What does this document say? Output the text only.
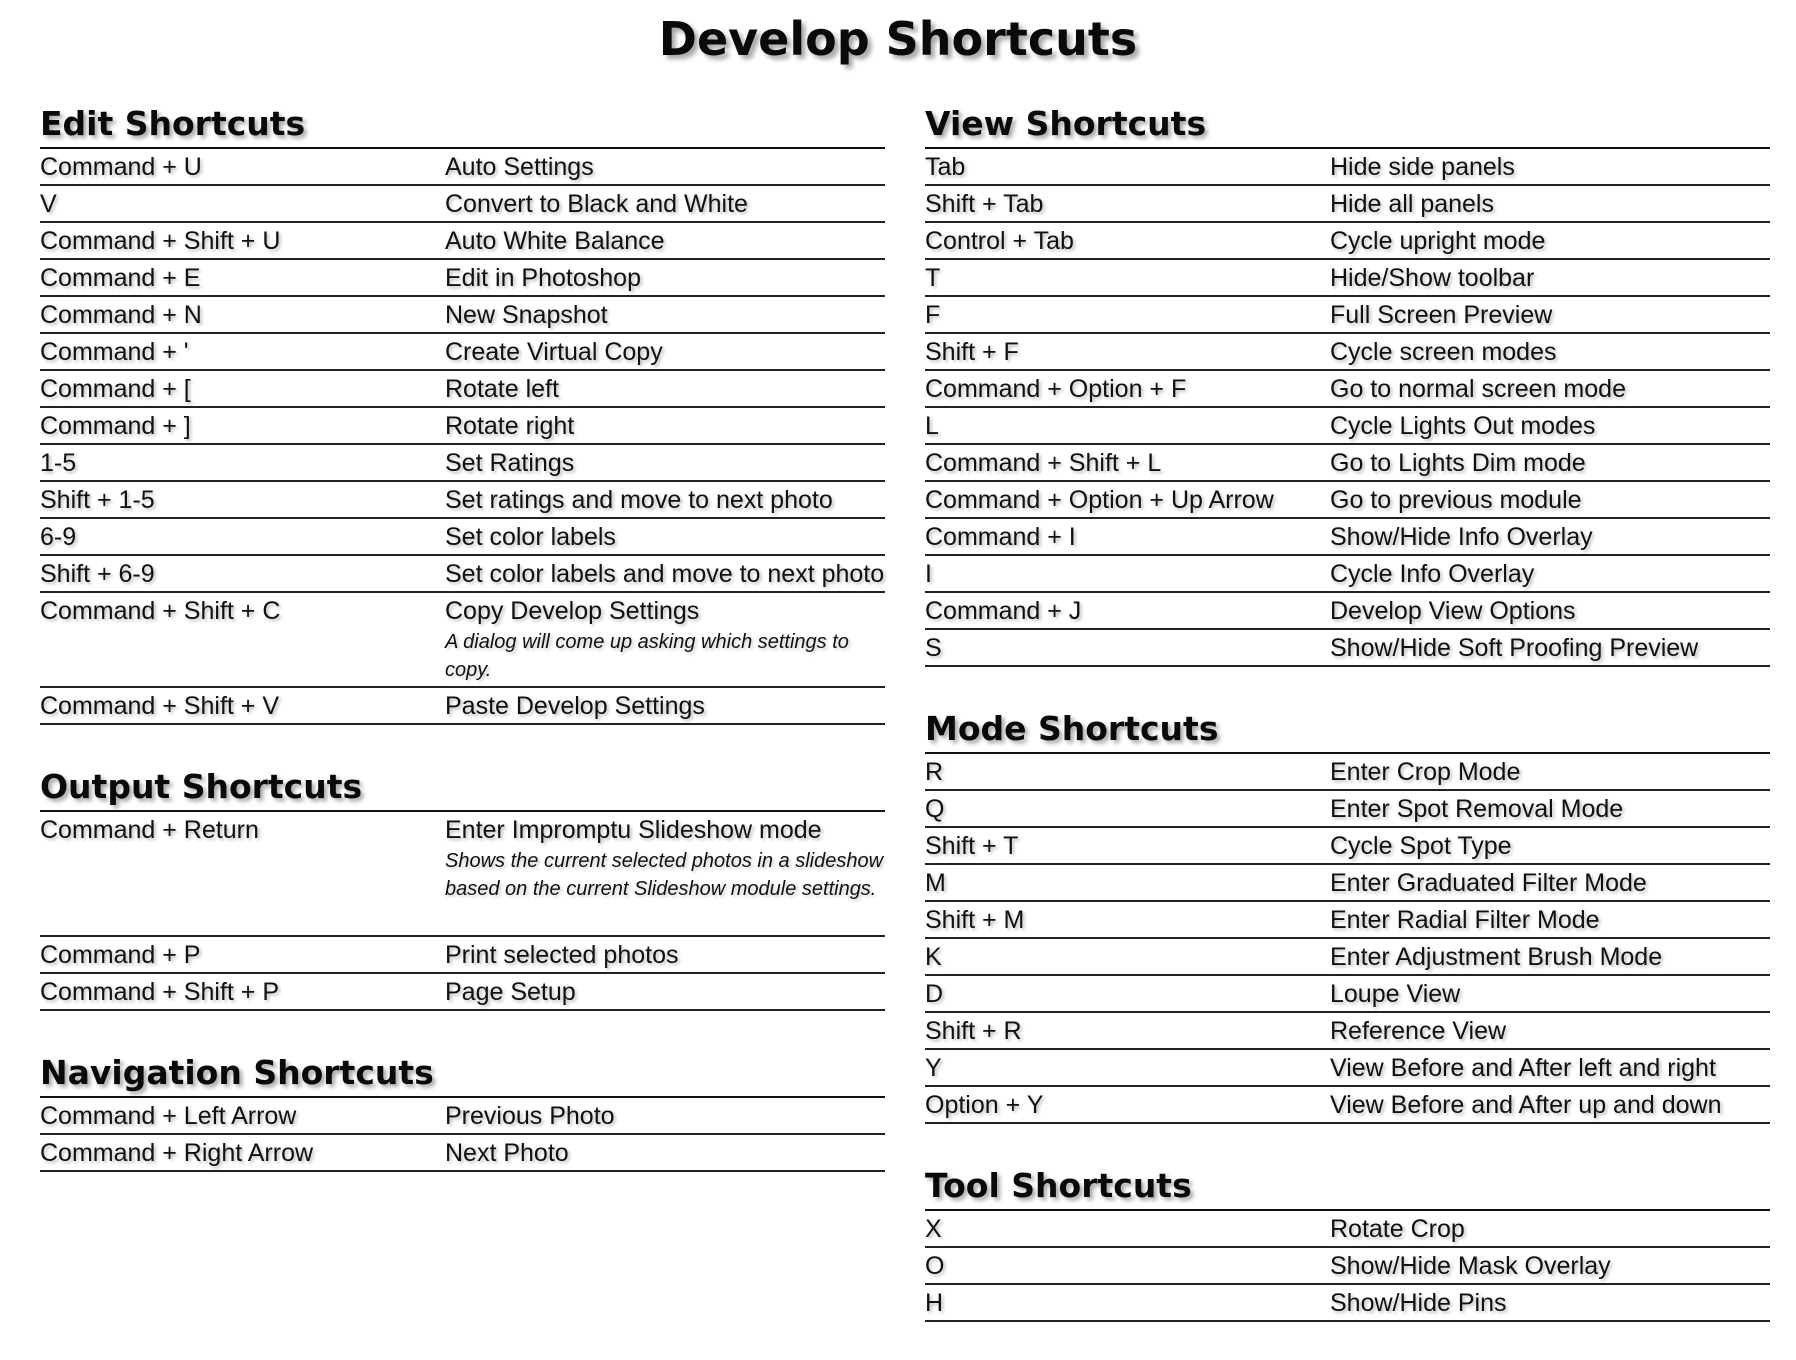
Develop Shortcuts
Edit Shortcuts
Command + U	Auto Settings
V	Convert to Black and White
Command + Shift + U	Auto White Balance
Command + E	Edit in Photoshop
Command + N	New Snapshot
Command + '	Create Virtual Copy
Command + [	Rotate left
Command + ]	Rotate right
1-5	Set Ratings
Shift + 1-5	Set ratings and move to next photo
6-9	Set color labels
Shift + 6-9	Set color labels and move to next photo
Command + Shift + C	Copy Develop Settings
A dialog will come up asking which settings to copy.
Command + Shift + V	Paste Develop Settings
Output Shortcuts
Command + Return	Enter Impromptu Slideshow mode
Shows the current selected photos in a slideshow based on the current Slideshow module settings.
Command + P	Print selected photos
Command + Shift + P	Page Setup
Navigation Shortcuts
Command + Left Arrow	Previous Photo
Command + Right Arrow	Next Photo
View Shortcuts
Tab	Hide side panels
Shift + Tab	Hide all panels
Control + Tab	Cycle upright mode
T	Hide/Show toolbar
F	Full Screen Preview
Shift + F	Cycle screen modes
Command + Option + F	Go to normal screen mode
L	Cycle Lights Out modes
Command + Shift + L	Go to Lights Dim mode
Command + Option + Up Arrow	Go to previous module
Command + I	Show/Hide Info Overlay
I	Cycle Info Overlay
Command + J	Develop View Options
S	Show/Hide Soft Proofing Preview
Mode Shortcuts
R	Enter Crop Mode
Q	Enter Spot Removal Mode
Shift + T	Cycle Spot Type
M	Enter Graduated Filter Mode
Shift + M	Enter Radial Filter Mode
K	Enter Adjustment Brush Mode
D	Loupe View
Shift + R	Reference View
Y	View Before and After left and right
Option + Y	View Before and After up and down
Tool Shortcuts
X	Rotate Crop
O	Show/Hide Mask Overlay
H	Show/Hide Pins
